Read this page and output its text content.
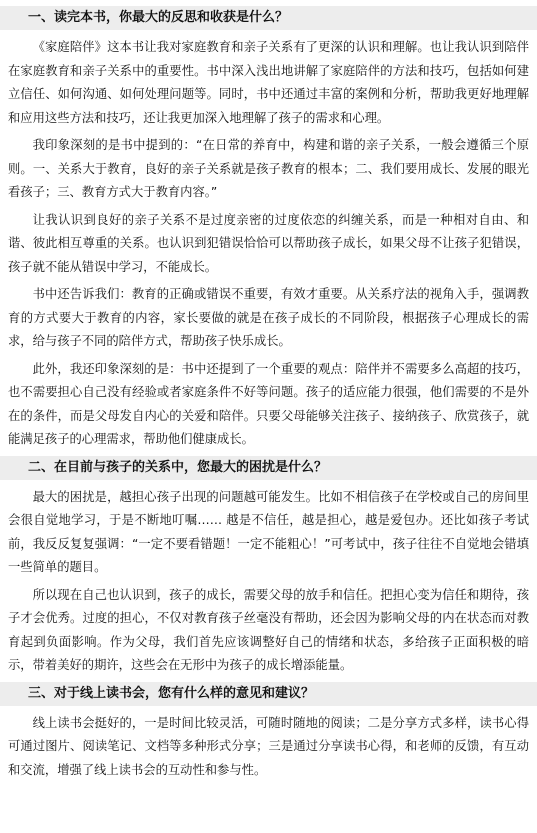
一、读完本书，你最大的反思和收获是什么？

《家庭陪伴》这本书让我对家庭教育和亲子关系有了更深的认识和理解。也让我认识到陪伴在家庭教育和亲子关系中的重要性。书中深入浅出地讲解了家庭陪伴的方法和技巧，包括如何建立信任、如何沟通、如何处理问题等。同时，书中还通过丰富的案例和分析，帮助我更好地理解和应用这些方法和技巧，还让我更加深入地理解了孩子的需求和心理。

我印象深刻的是书中提到的：“在日常的养育中，构建和谐的亲子关系，一般会遵循三个原则。一、关系大于教育，良好的亲子关系就是孩子教育的根本；二、我们要用成长、发展的眼光看孩子；三、教育方式大于教育内容。”

让我认识到良好的亲子关系不是过度亲密的过度依恋的纠缠关系，而是一种相对自由、和谐、彼此相互尊重的关系。也认识到犯错误恰恰可以帮助孩子成长，如果父母不让孩子犯错误，孩子就不能从错误中学习，不能成长。

书中还告诉我们：教育的正确或错误不重要，有效才重要。从关系疗法的视角入手，强调教育的方式要大于教育的内容，家长要做的就是在孩子成长的不同阶段，根据孩子心理成长的需求，给与孩子不同的陪伴方式，帮助孩子快乐成长。

此外，我还印象深刻的是：书中还提到了一个重要的观点：陪伴并不需要多么高超的技巧，也不需要担心自己没有经验或者家庭条件不好等问题。孩子的适应能力很强，他们需要的不是外在的条件，而是父母发自内心的关爱和陪伴。只要父母能够关注孩子、接纳孩子、欣赏孩子，就能满足孩子的心理需求，帮助他们健康成长。

二、在目前与孩子的关系中，您最大的困扰是什么？

最大的困扰是，越担心孩子出现的问题越可能发生。比如不相信孩子在学校或自己的房间里会很自觉地学习，于是不断地叮嘱…… 越是不信任，越是担心，越是爱包办。还比如孩子考试前，我反反复复强调：“一定不要看错题！一定不能粗心！”可考试中，孩子往往不自觉地会错填一些简单的题目。

所以现在自己也认识到，孩子的成长，需要父母的放手和信任。把担心变为信任和期待，孩子才会优秀。过度的担心，不仅对教育孩子丝毫没有帮助，还会因为影响父母的内在状态而对教育起到负面影响。作为父母，我们首先应该调整好自己的情绪和状态，多给孩子正面积极的暗示，带着美好的期许，这些会在无形中为孩子的成长增添能量。

三、对于线上读书会，您有什么样的意见和建议？

线上读书会挺好的，一是时间比较灵活，可随时随地的阅读；二是分享方式多样，读书心得可通过图片、阅读笔记、文档等多种形式分享；三是通过分享读书心得，和老师的反馈，有互动和交流，增强了线上读书会的互动性和参与性。
